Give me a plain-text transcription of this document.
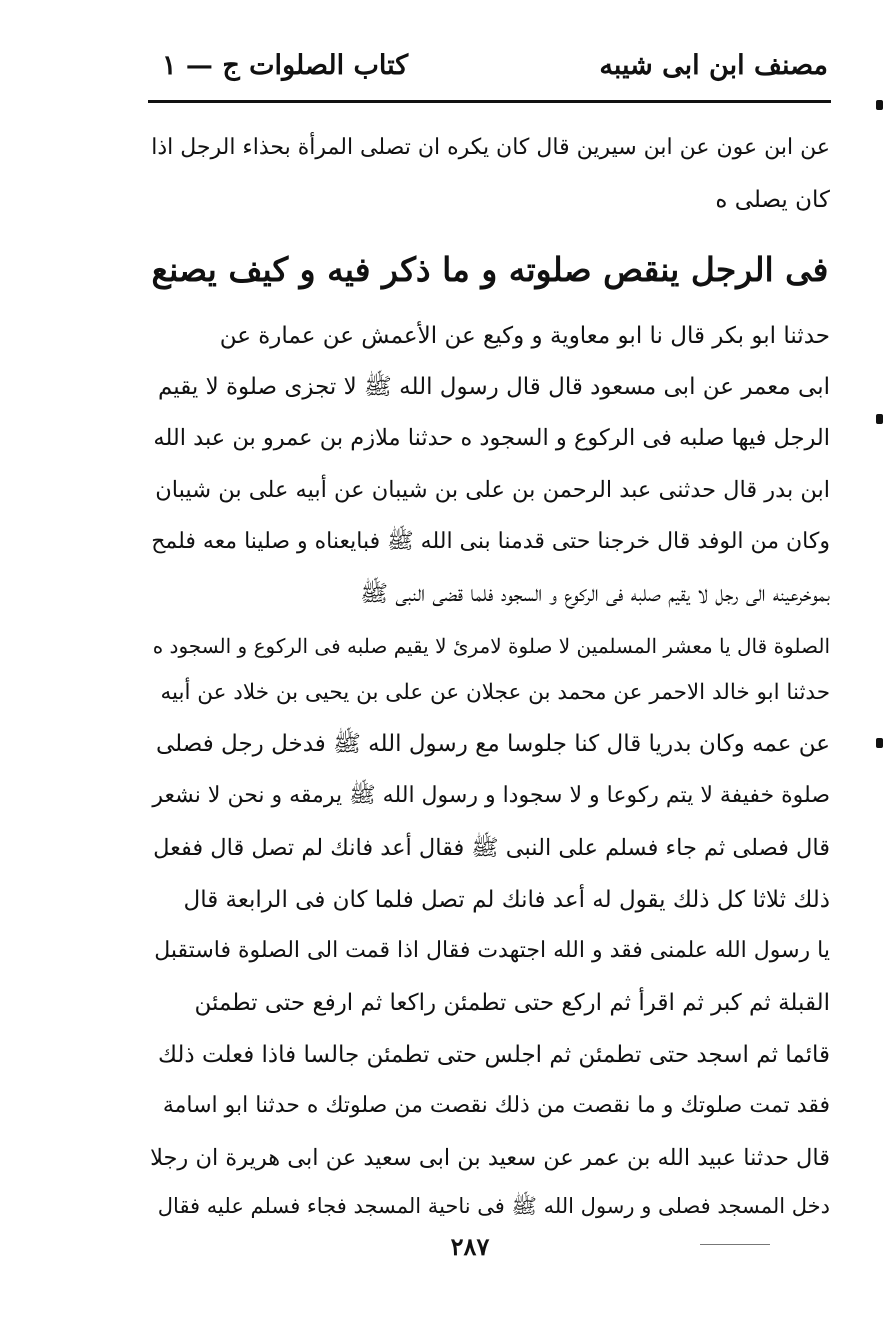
مصنف ابن ابی شیبه
كتاب الصلوات ج — ١
عن ابن عون عن ابن سيرين قال كان يكره ان تصلى المرأة بحذاء الرجل اذا
كان يصلى ه
فی الرجل ينقص صلوته و ما ذكر فيه و كيف يصنع
حدثنا ابو بكر قال نا ابو معاوية و وكيع عن الأعمش عن عمارة عن
ابی معمر عن ابی مسعود قال قال رسول الله ﷺ لا تجزی صلوة لا يقيم
الرجل فيها صلبه فی الركوع و السجود ه حدثنا ملازم بن عمرو بن عبد الله
ابن بدر قال حدثنی عبد الرحمن بن علی بن شيبان عن أبيه علی بن شيبان
وكان من الوفد قال خرجنا حتی قدمنا بنی الله ﷺ فبايعناه و صلينا معه فلمح
بموخرعينه الی رجل لا يقيم صلبه فی الركوع و السجود فلما قضی النبی ﷺ
الصلوة قال يا معشر المسلمين لا صلوة لامرئ لا يقيم صلبه فی الركوع و السجود ه
حدثنا ابو خالد الاحمر عن محمد بن عجلان عن علی بن يحيی بن خلاد عن أبيه
عن عمه وكان بدريا قال كنا جلوسا مع رسول الله ﷺ فدخل رجل فصلی
صلوة خفيفة لا يتم ركوعا و لا سجودا و رسول الله ﷺ يرمقه و نحن لا نشعر
قال فصلی ثم جاء فسلم علی النبی ﷺ فقال أعد فانك لم تصل قال ففعل
ذلك ثلاثا كل ذلك يقول له أعد فانك لم تصل فلما كان فی الرابعة قال
يا رسول الله علمنی فقد و الله اجتهدت فقال اذا قمت الی الصلوة فاستقبل
القبلة ثم كبر ثم اقرأ ثم اركع حتی تطمئن راكعا ثم ارفع حتی تطمئن
قائما ثم اسجد حتی تطمئن ثم اجلس حتی تطمئن جالسا فاذا فعلت ذلك
فقد تمت صلوتك و ما نقصت من ذلك نقصت من صلوتك ه حدثنا ابو اسامة
قال حدثنا عبيد الله بن عمر عن سعيد بن ابی سعيد عن ابی هريرة ان رجلا
دخل المسجد فصلی و رسول الله ﷺ فی ناحية المسجد فجاء فسلم عليه فقال
٢٨٧
